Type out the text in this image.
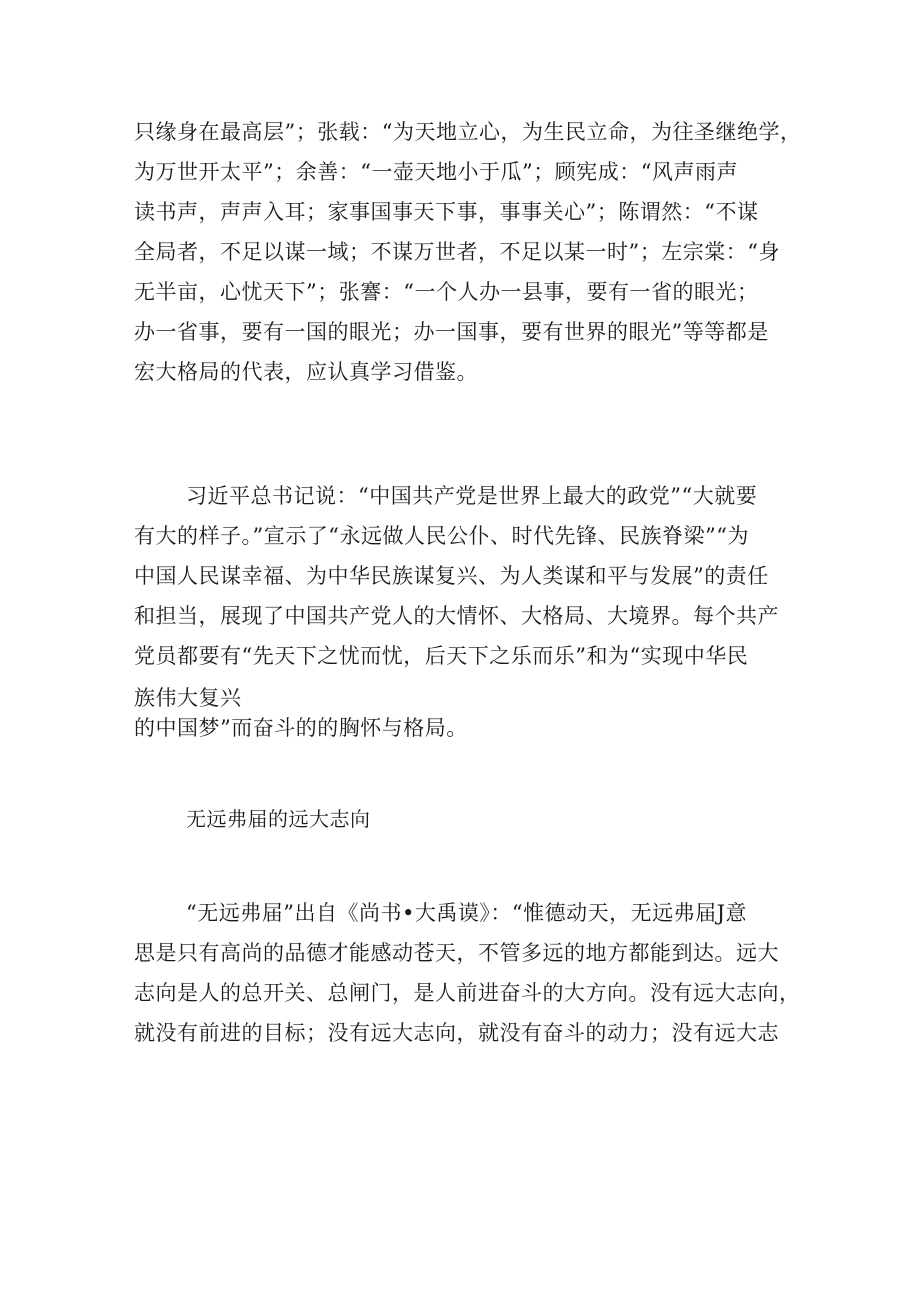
只缘身在最高层”；张载：“为天地立心，为生民立命，为往圣继绝学，
为万世开太平”；余善：“一壶天地小于瓜”；顾宪成：“风声雨声
读书声，声声入耳；家事国事天下事，事事关心”；陈谓然：“不谋
全局者，不足以谋一域；不谋万世者，不足以某一时”；左宗棠：“身
无半亩，心忧天下”；张謇：“一个人办一县事，要有一省的眼光；
办一省事，要有一国的眼光；办一国事，要有世界的眼光”等等都是
宏大格局的代表，应认真学习借鉴。
习近平总书记说：“中国共产党是世界上最大的政党”“大就要
有大的样子。”宣示了“永远做人民公仆、时代先锋、民族脊梁”“为
中国人民谋幸福、为中华民族谋复兴、为人类谋和平与发展”的责任
和担当，展现了中国共产党人的大情怀、大格局、大境界。每个共产
党员都要有“先天下之忧而忧，后天下之乐而乐”和为“实现中华民
族伟大复兴
的中国梦”而奋斗的的胸怀与格局。
无远弗届的远大志向
“无远弗届”出自《尚书•大禹谟》：“惟德动天，无远弗届J意
思是只有高尚的品德才能感动苍天，不管多远的地方都能到达。远大
志向是人的总开关、总闸门，是人前进奋斗的大方向。没有远大志向，
就没有前进的目标；没有远大志向，就没有奋斗的动力；没有远大志
